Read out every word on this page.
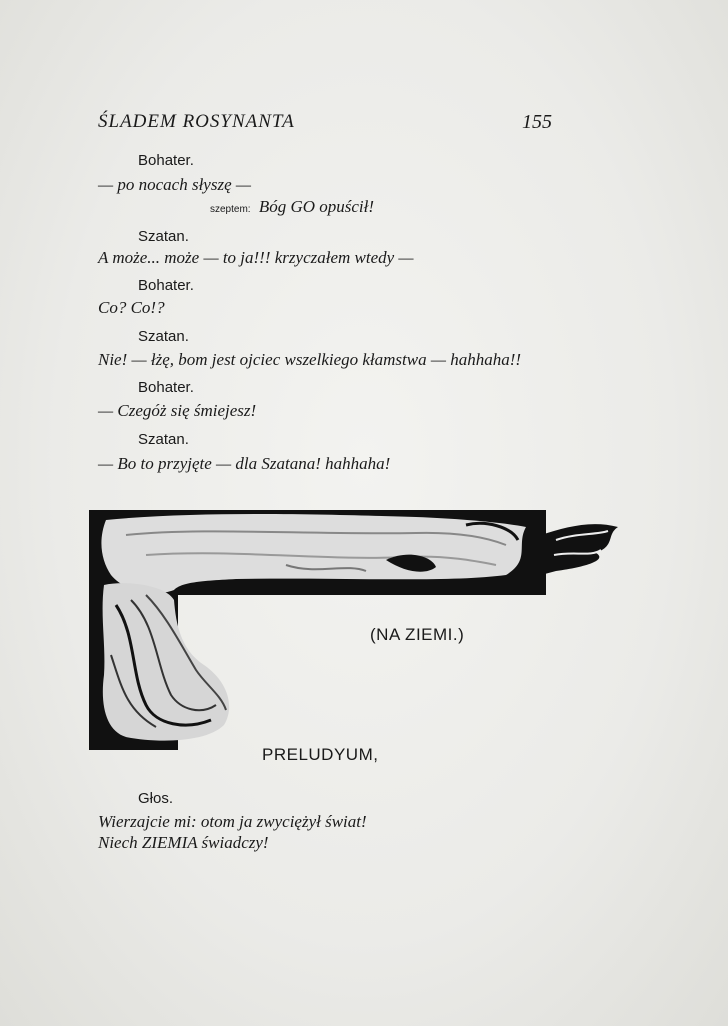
ŚLADEM ROSYNANTA	155
Bohater.
— po nocach słyszę —
szeptem: Bóg GO opuścił!
Szatan.
A może... może — to ja!!! krzyczałem wtedy —
Bohater.
Co? Co!?
Szatan.
Nie! — łżę, bom jest ojciec wszelkiego kłamstwa — hahhaha!!
Bohater.
— Czegóż się śmiejesz!
Szatan.
— Bo to przyjęte — dla Szatana! hahhaha!
(NA ZIEMI.)
PRELUDYUM,
Głos.
Wierzajcie mi: otom ja zwyciężył świat!
Niech ZIEMIA świadczy!
